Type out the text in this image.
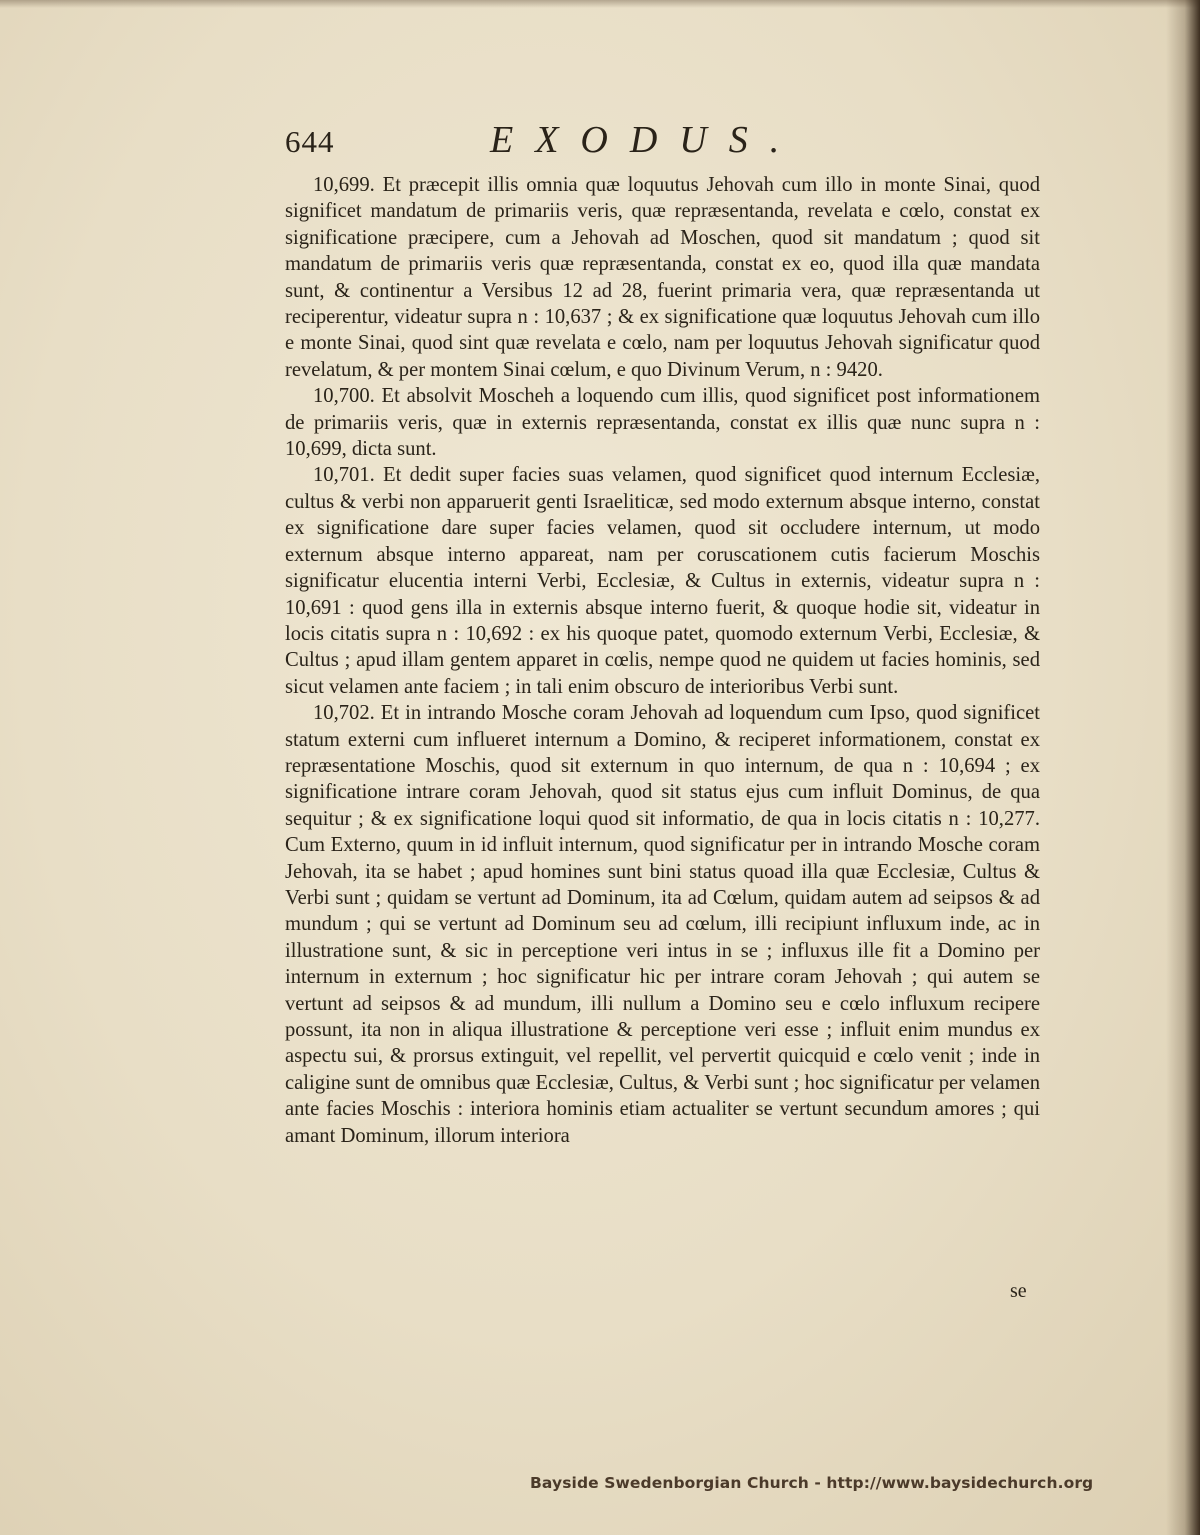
644	EXODUS.

10,699. Et præcepit illis omnia quæ loquutus Jehovah cum illo in monte Sinai, quod significet mandatum de primariis veris, quæ repræsentanda, revelata e cœlo, constat ex significatione præcipere, cum a Jehovah ad Moschen, quod sit mandatum ; quod sit mandatum de primariis veris quæ repræsentanda, constat ex eo, quod illa quæ mandata sunt, & continentur a Versibus 12 ad 28, fuerint primaria vera, quæ repræsentanda ut reciperentur, videatur supra n : 10,637 ; & ex significatione quæ loquutus Jehovah cum illo e monte Sinai, quod sint quæ revelata e cœlo, nam per loquutus Jehovah significatur quod revelatum, & per montem Sinai cœlum, e quo Divinum Verum, n : 9420.

10,700. Et absolvit Moscheh a loquendo cum illis, quod significet post informationem de primariis veris, quæ in externis repræsentanda, constat ex illis quæ nunc supra n : 10,699, dicta sunt.

10,701. Et dedit super facies suas velamen, quod significet quod internum Ecclesiæ, cultus & verbi non apparuerit genti Israeliticæ, sed modo externum absque interno, constat ex significatione dare super facies velamen, quod sit occludere internum, ut modo externum absque interno appareat, nam per coruscationem cutis facierum Moschis significatur elucentia interni Verbi, Ecclesiæ, & Cultus in externis, videatur supra n : 10,691 : quod gens illa in externis absque interno fuerit, & quoque hodie sit, videatur in locis citatis supra n : 10,692 : ex his quoque patet, quomodo externum Verbi, Ecclesiæ, & Cultus ; apud illam gentem apparet in cœlis, nempe quod ne quidem ut facies hominis, sed sicut velamen ante faciem ; in tali enim obscuro de interioribus Verbi sunt.

10,702. Et in intrando Mosche coram Jehovah ad loquendum cum Ipso, quod significet statum externi cum influeret internum a Domino, & reciperet informationem, constat ex repræsentatione Moschis, quod sit externum in quo internum, de qua n : 10,694 ; ex significatione intrare coram Jehovah, quod sit status ejus cum influit Dominus, de qua sequitur ; & ex significatione loqui quod sit informatio, de qua in locis citatis n : 10,277. Cum Externo, quum in id influit internum, quod significatur per in intrando Mosche coram Jehovah, ita se habet ; apud homines sunt bini status quoad illa quæ Ecclesiæ, Cultus & Verbi sunt ; quidam se vertunt ad Dominum, ita ad Cœlum, quidam autem ad seipsos & ad mundum ; qui se vertunt ad Dominum seu ad cœlum, illi recipiunt influxum inde, ac in illustratione sunt, & sic in perceptione veri intus in se ; influxus ille fit a Domino per internum in externum ; hoc significatur hic per intrare coram Jehovah ; qui autem se vertunt ad seipsos & ad mundum, illi nullum a Domino seu e cœlo influxum recipere possunt, ita non in aliqua illustratione & perceptione veri esse ; influit enim mundus ex aspectu sui, & prorsus extinguit, vel repellit, vel pervertit quicquid e cœlo venit ; inde in caligine sunt de omnibus quæ Ecclesiæ, Cultus, & Verbi sunt ; hoc significatur per velamen ante facies Moschis : interiora hominis etiam actualiter se vertunt secundum amores ; qui amant Dominum, illorum interiora

se
Bayside Swedenborgian Church - http://www.baysidechurch.org
